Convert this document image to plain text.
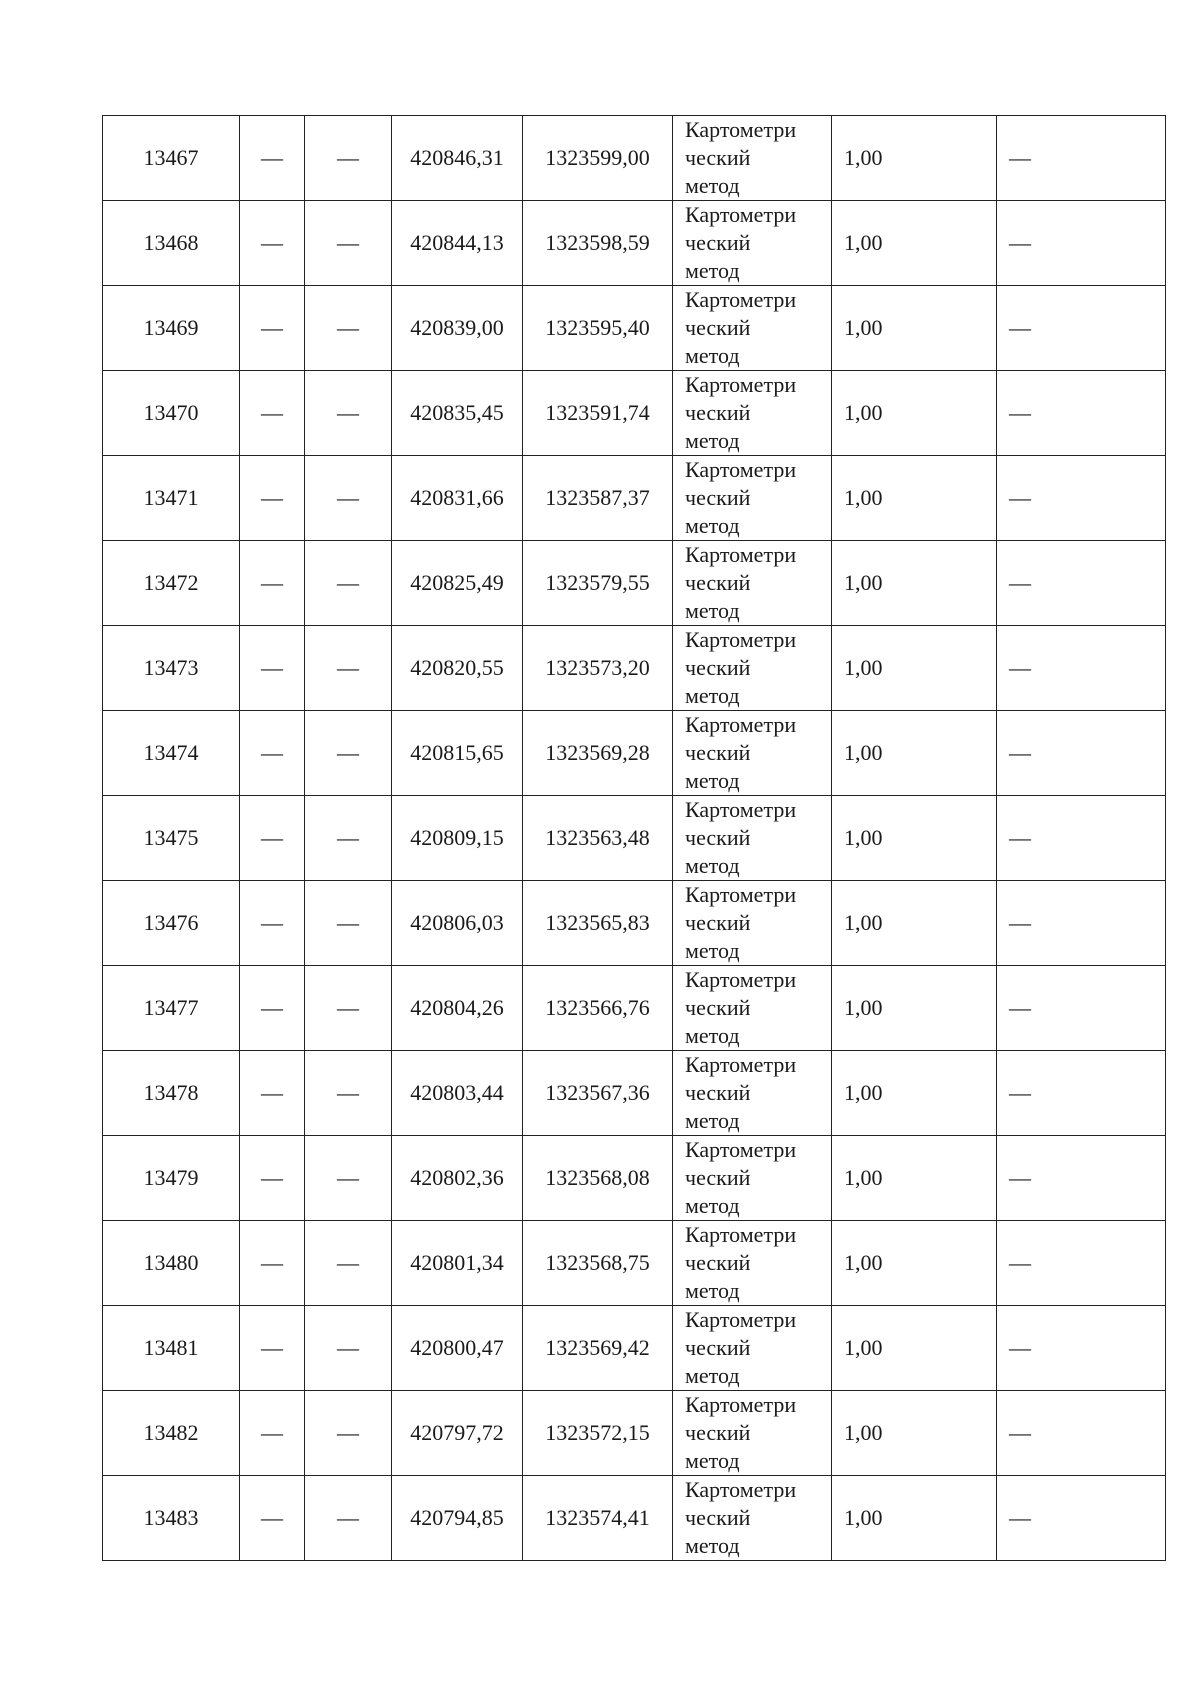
13467	—	—	420846,31	1323599,00	Картометри
ческий
метод	1,00	—
13468	—	—	420844,13	1323598,59	Картометри
ческий
метод	1,00	—
13469	—	—	420839,00	1323595,40	Картометри
ческий
метод	1,00	—
13470	—	—	420835,45	1323591,74	Картометри
ческий
метод	1,00	—
13471	—	—	420831,66	1323587,37	Картометри
ческий
метод	1,00	—
13472	—	—	420825,49	1323579,55	Картометри
ческий
метод	1,00	—
13473	—	—	420820,55	1323573,20	Картометри
ческий
метод	1,00	—
13474	—	—	420815,65	1323569,28	Картометри
ческий
метод	1,00	—
13475	—	—	420809,15	1323563,48	Картометри
ческий
метод	1,00	—
13476	—	—	420806,03	1323565,83	Картометри
ческий
метод	1,00	—
13477	—	—	420804,26	1323566,76	Картометри
ческий
метод	1,00	—
13478	—	—	420803,44	1323567,36	Картометри
ческий
метод	1,00	—
13479	—	—	420802,36	1323568,08	Картометри
ческий
метод	1,00	—
13480	—	—	420801,34	1323568,75	Картометри
ческий
метод	1,00	—
13481	—	—	420800,47	1323569,42	Картометри
ческий
метод	1,00	—
13482	—	—	420797,72	1323572,15	Картометри
ческий
метод	1,00	—
13483	—	—	420794,85	1323574,41	Картометри
ческий
метод	1,00	—
